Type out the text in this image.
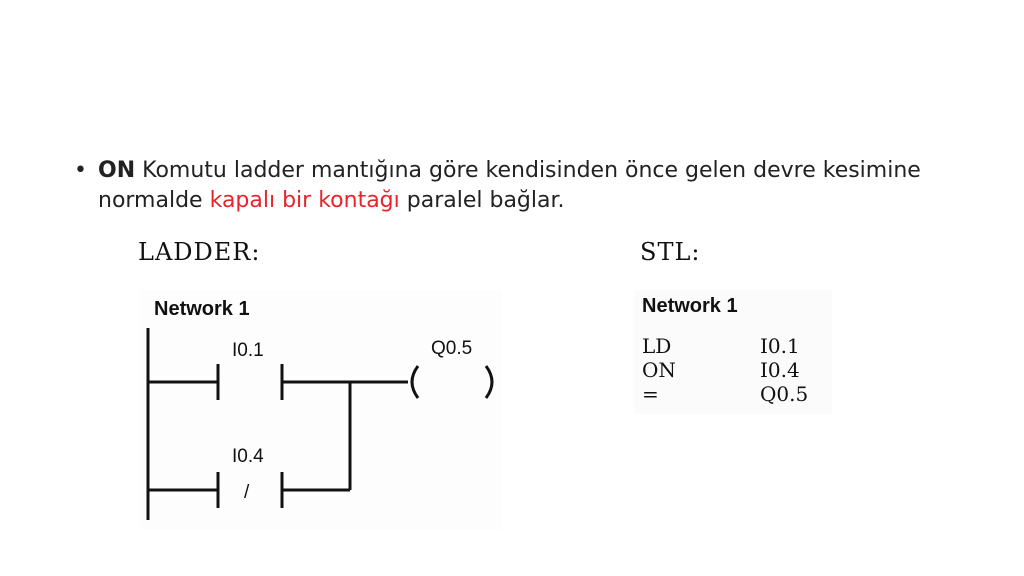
• ON Komutu ladder mantığına göre kendisinden önce gelen devre kesimine normalde kapalı bir kontağı paralel bağlar.
LADDER:	STL:
Network 1
I0.1
I0.4
/
Q0.5
Network 1
LD	I0.1
ON	I0.4
=	Q0.5
